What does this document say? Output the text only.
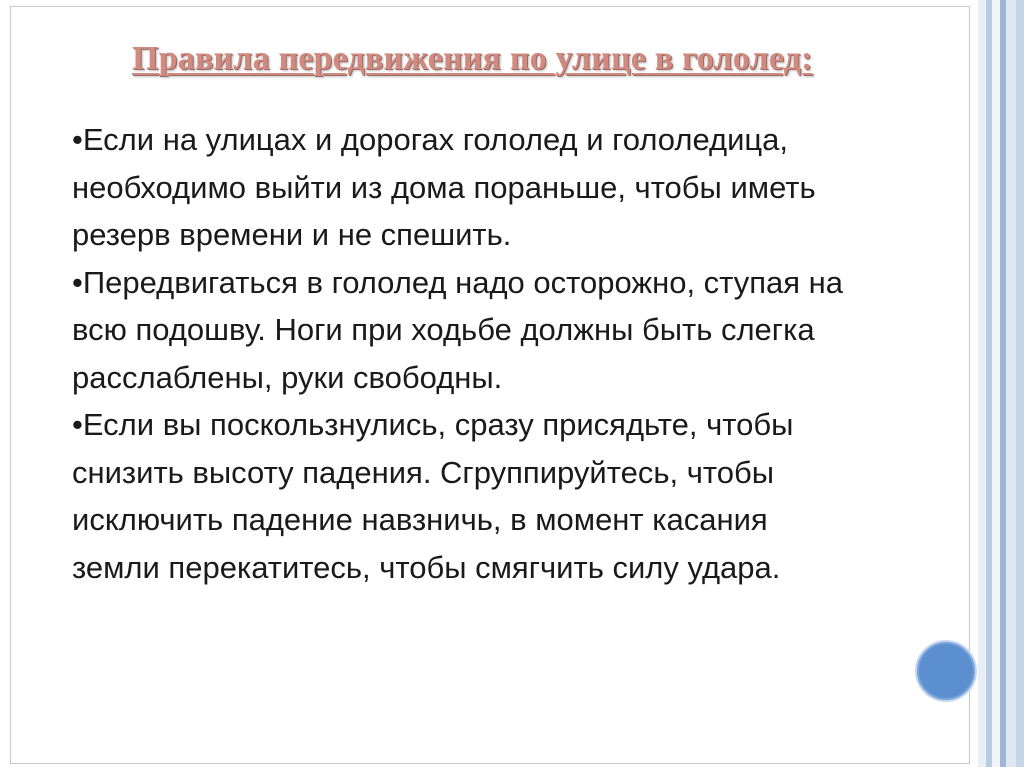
Правила передвижения по улице в гололед:
•Если на улицах и дорогах гололед и гололедица,
необходимо выйти из дома пораньше, чтобы иметь
резерв времени и не спешить.
•Передвигаться в гололед надо осторожно, ступая на
всю подошву. Ноги при ходьбе должны быть слегка
расслаблены, руки свободны.
•Если вы поскользнулись, сразу присядьте, чтобы
снизить высоту падения. Сгруппируйтесь, чтобы
исключить падение навзничь, в момент касания
земли перекатитесь, чтобы смягчить силу удара.
